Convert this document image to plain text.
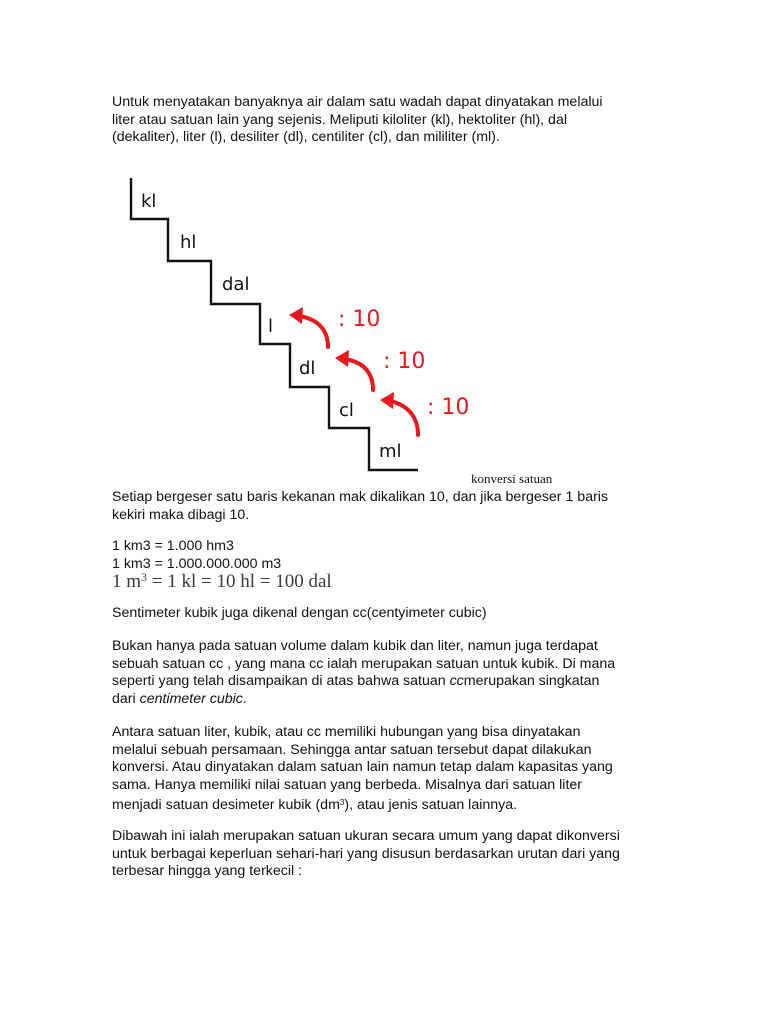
Untuk menyatakan banyaknya air dalam satu wadah dapat dinyatakan melalui
liter atau satuan lain yang sejenis. Meliputi kiloliter (kl), hektoliter (hl), dal
(dekaliter), liter (l), desiliter (dl), centiliter (cl), dan mililiter (ml).

kl
hl
dal
l
dl
cl
ml
: 10
: 10
: 10
konversi satuan

Setiap bergeser satu baris kekanan mak dikalikan 10, dan jika bergeser 1 baris
kekiri maka dibagi 10.

1 km3 = 1.000 hm3
1 km3 = 1.000.000.000 m3

1 $m^3 = 1$ kl = 10 hl = 100 dal

Sentimeter kubik juga dikenal dengan cc(centyimeter cubic)

Bukan hanya pada satuan volume dalam kubik dan liter, namun juga terdapat
sebuah satuan cc , yang mana cc ialah merupakan satuan untuk kubik. Di mana
seperti yang telah disampaikan di atas bahwa satuan ccmerupakan singkatan
dari centimeter cubic.

Antara satuan liter, kubik, atau cc memiliki hubungan yang bisa dinyatakan
melalui sebuah persamaan. Sehingga antar satuan tersebut dapat dilakukan
konversi. Atau dinyatakan dalam satuan lain namun tetap dalam kapasitas yang
sama. Hanya memiliki nilai satuan yang berbeda. Misalnya dari satuan liter
menjadi satuan desimeter kubik $(dm^3)$, atau jenis satuan lainnya.

Dibawah ini ialah merupakan satuan ukuran secara umum yang dapat dikonversi
untuk berbagai keperluan sehari-hari yang disusun berdasarkan urutan dari yang
terbesar hingga yang terkecil :
